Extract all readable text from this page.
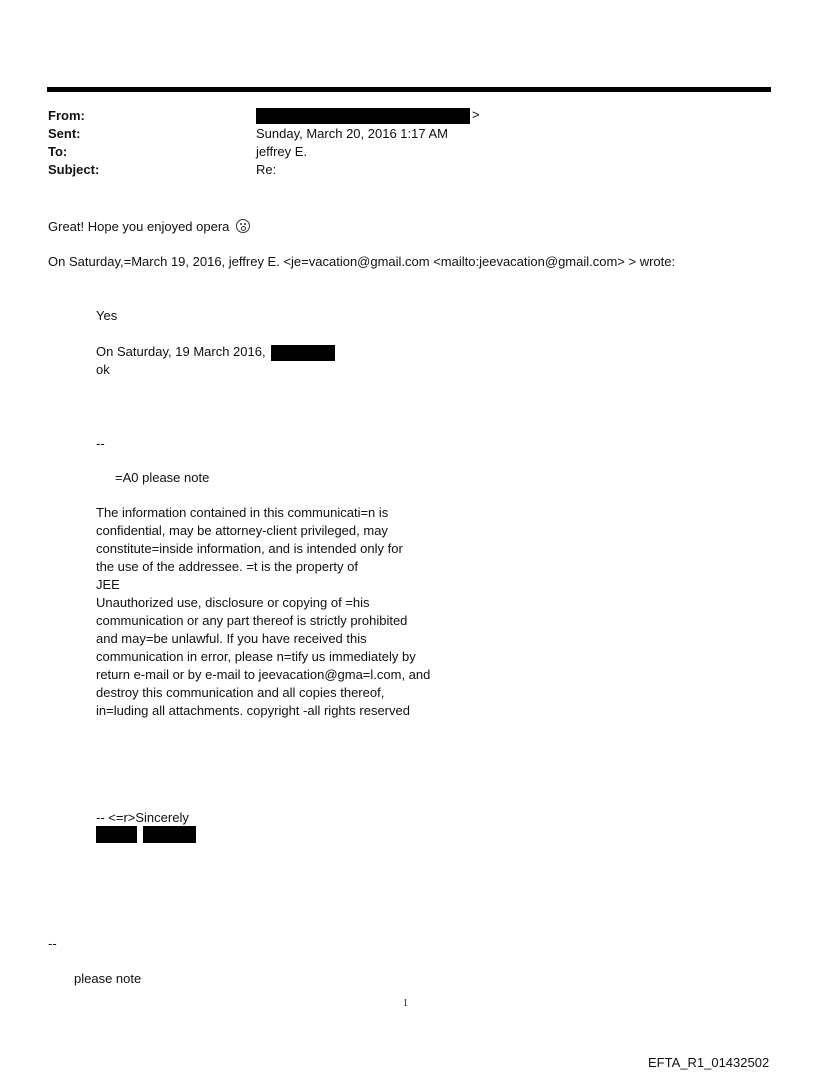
From:	>
Sent:	Sunday, March 20, 2016 1:17 AM
To:	jeffrey E.
Subject:	Re:
Great! Hope you enjoyed opera
On Saturday,=March 19, 2016, jeffrey E. <je=vacation@gmail.com <mailto:jeevacation@gmail.com> > wrote:
Yes
On Saturday, 19 March 2016,
ok
--
=A0 please note
The information contained in this communicati=n is
confidential, may be attorney-client privileged, may
constitute=inside information, and is intended only for
the use of the addressee. =t is the property of
JEE
Unauthorized use, disclosure or copying of =his
communication or any part thereof is strictly prohibited
and may=be unlawful. If you have received this
communication in error, please n=tify us immediately by
return e-mail or by e-mail to jeevacation@gma=l.com, and
destroy this communication and all copies thereof,
in=luding all attachments. copyright -all rights reserved
-- <=r>Sincerely

--
please note
1
EFTA_R1_01432502
